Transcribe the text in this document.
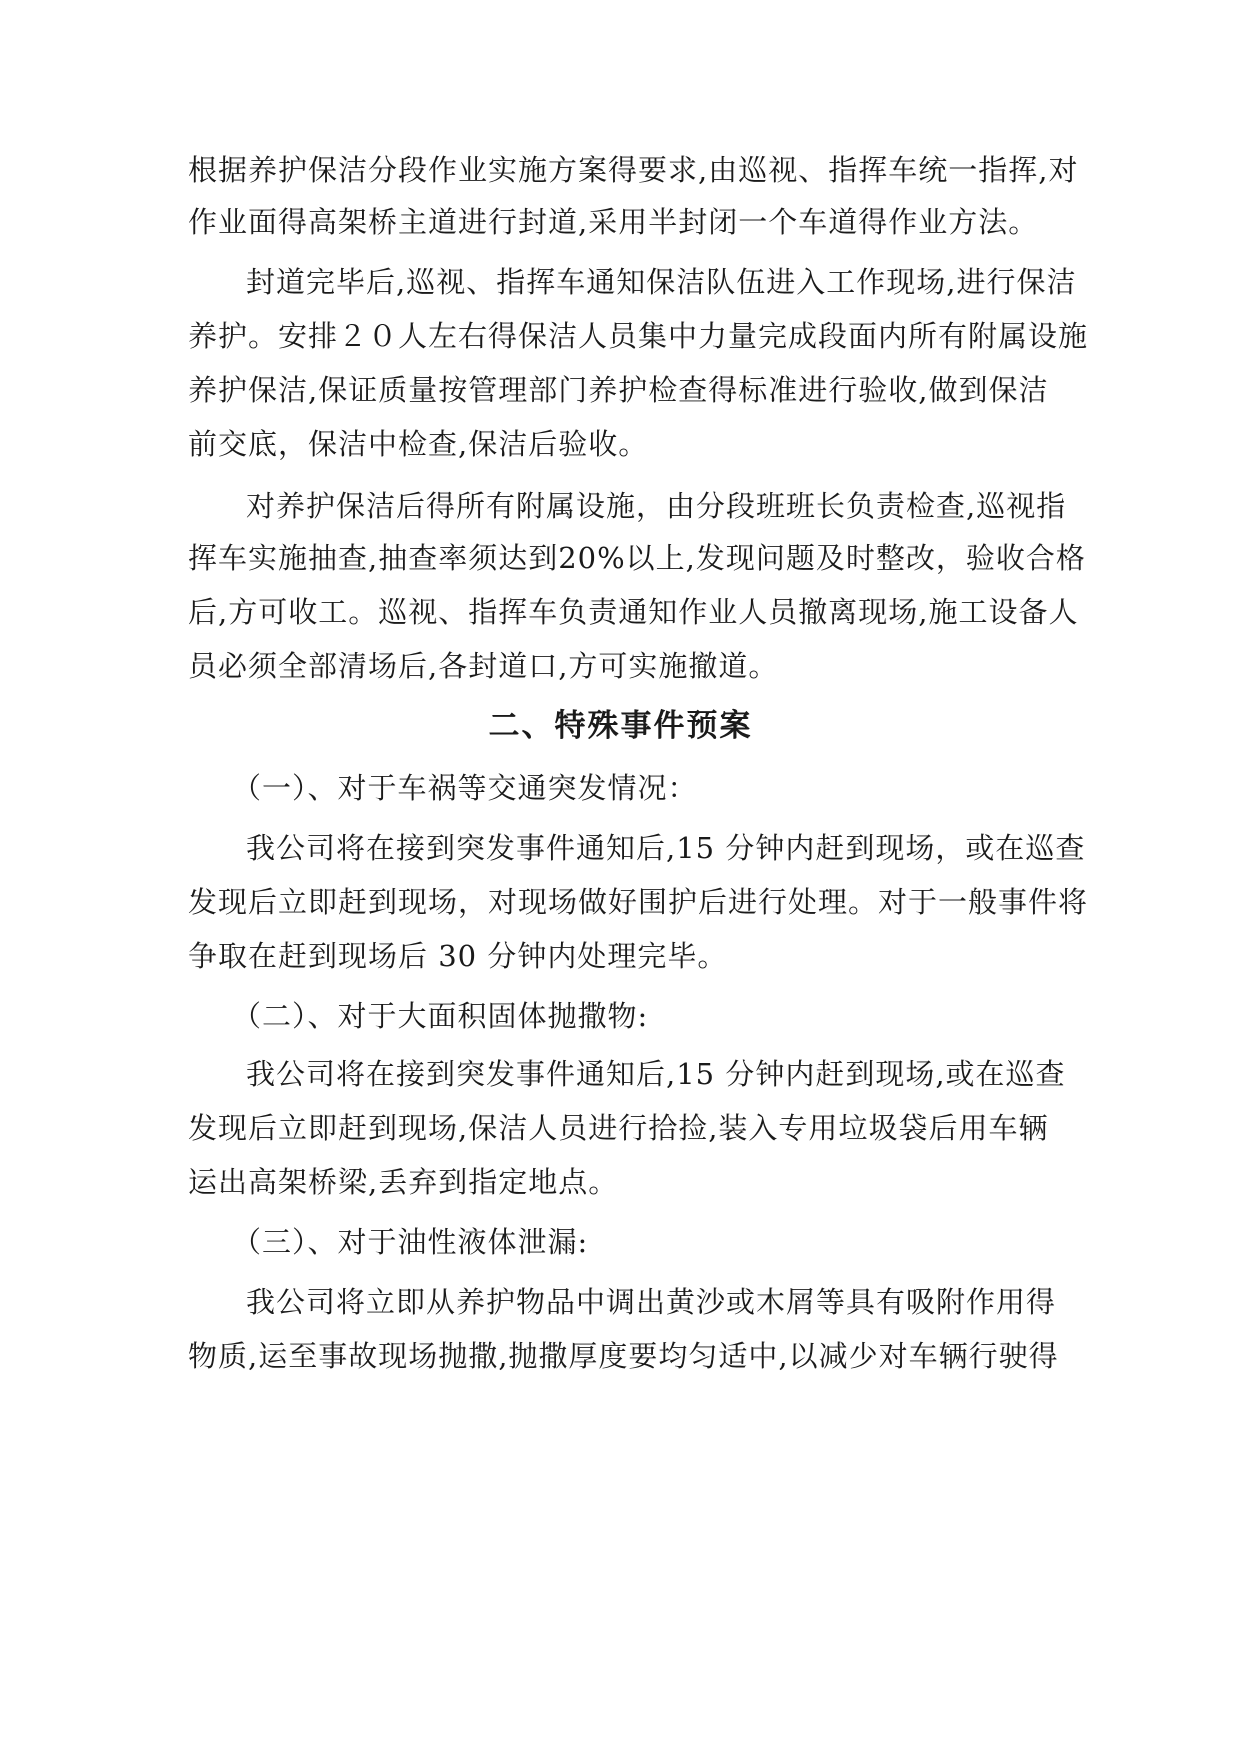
根据养护保洁分段作业实施方案得要求,由巡视、指挥车统一指挥,对
作业面得高架桥主道进行封道,采用半封闭一个车道得作业方法。
封道完毕后,巡视、指挥车通知保洁队伍进入工作现场,进行保洁
养护。安排２０人左右得保洁人员集中力量完成段面内所有附属设施
养护保洁,保证质量按管理部门养护检查得标准进行验收,做到保洁
前交底，保洁中检查,保洁后验收。
对养护保洁后得所有附属设施，由分段班班长负责检查,巡视指
挥车实施抽查,抽查率须达到20%以上,发现问题及时整改，验收合格
后,方可收工。巡视、指挥车负责通知作业人员撤离现场,施工设备人
员必须全部清场后,各封道口,方可实施撤道。
二、特殊事件预案
（一）、对于车祸等交通突发情况：
我公司将在接到突发事件通知后,15 分钟内赶到现场，或在巡查
发现后立即赶到现场，对现场做好围护后进行处理。对于一般事件将
争取在赶到现场后 30 分钟内处理完毕。
（二）、对于大面积固体抛撒物:
我公司将在接到突发事件通知后,15 分钟内赶到现场,或在巡查
发现后立即赶到现场,保洁人员进行拾捡,装入专用垃圾袋后用车辆
运出高架桥梁,丢弃到指定地点。
（三）、对于油性液体泄漏:
我公司将立即从养护物品中调出黄沙或木屑等具有吸附作用得
物质,运至事故现场抛撒,抛撒厚度要均匀适中,以减少对车辆行驶得
